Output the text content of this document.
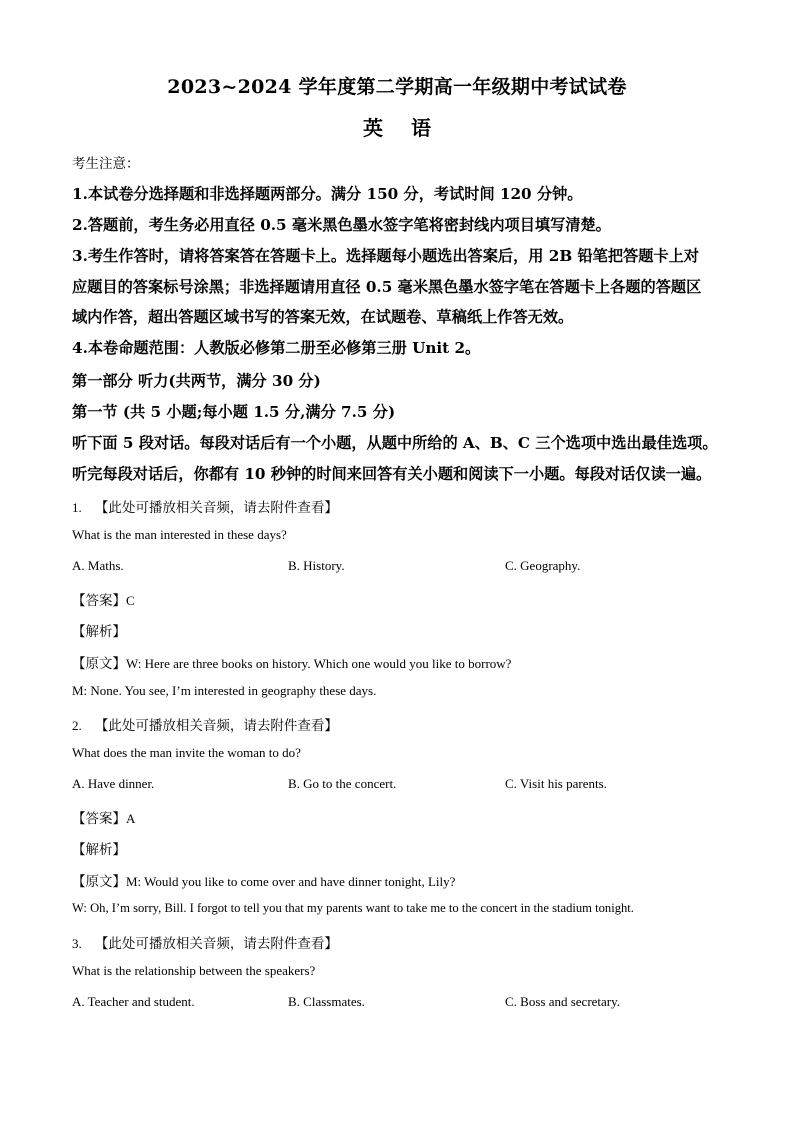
2023~2024 学年度第二学期高一年级期中考试试卷
英语
考生注意：
1.本试卷分选择题和非选择题两部分。满分 150 分，考试时间 120 分钟。
2.答题前，考生务必用直径 0.5 毫米黑色墨水签字笔将密封线内项目填写清楚。
3.考生作答时，请将答案答在答题卡上。选择题每小题选出答案后，用 2B 铅笔把答题卡上对
应题目的答案标号涂黑；非选择题请用直径 0.5 毫米黑色墨水签字笔在答题卡上各题的答题区
域内作答，超出答题区域书写的答案无效，在试题卷、草稿纸上作答无效。
4.本卷命题范围：人教版必修第二册至必修第三册 Unit 2。
第一部分 听力(共两节，满分 30 分)
第一节 (共 5 小题;每小题 1.5 分,满分 7.5 分)
听下面 5 段对话。每段对话后有一个小题，从题中所给的 A、B、C 三个选项中选出最佳选项。
听完每段对话后，你都有 10 秒钟的时间来回答有关小题和阅读下一小题。每段对话仅读一遍。
1. 【此处可播放相关音频，请去附件查看】
What is the man interested in these days?
A. Maths.	B. History.	C. Geography.
【答案】C
【解析】
【原文】W: Here are three books on history. Which one would you like to borrow?
M: None. You see, I’m interested in geography these days.
2. 【此处可播放相关音频，请去附件查看】
What does the man invite the woman to do?
A. Have dinner.	B. Go to the concert.	C. Visit his parents.
【答案】A
【解析】
【原文】M: Would you like to come over and have dinner tonight, Lily?
W: Oh, I’m sorry, Bill. I forgot to tell you that my parents want to take me to the concert in the stadium tonight.
3. 【此处可播放相关音频，请去附件查看】
What is the relationship between the speakers?
A. Teacher and student.	B. Classmates.	C. Boss and secretary.
